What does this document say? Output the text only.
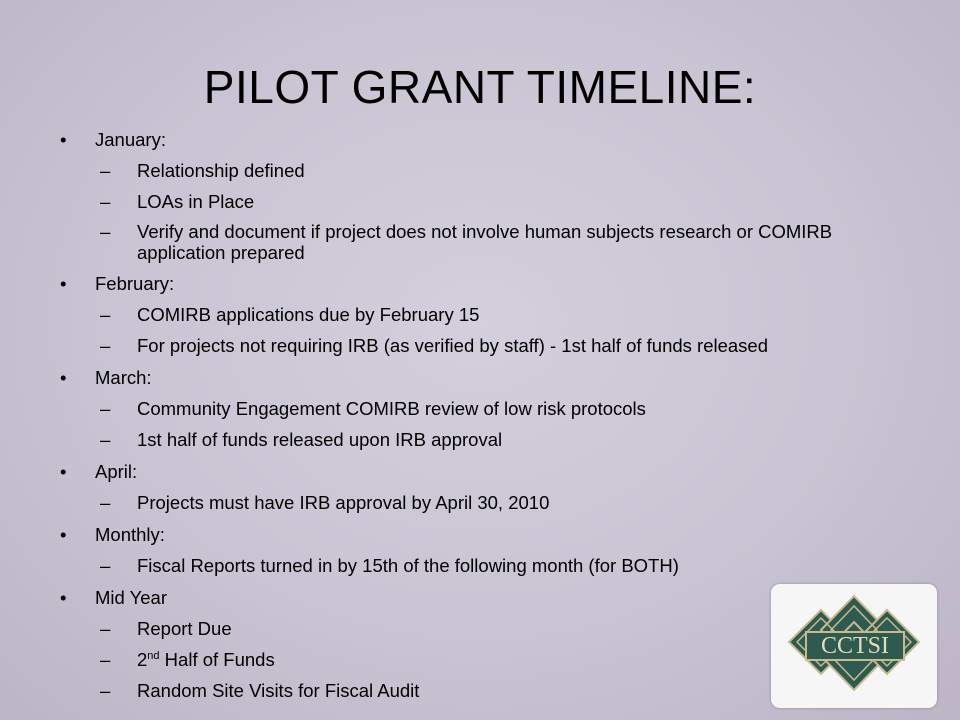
PILOT GRANT TIMELINE:
• January:
– Relationship defined
– LOAs in Place
– Verify and document if project does not involve human subjects research or COMIRB application prepared
• February:
– COMIRB applications due by February 15
– For projects not requiring IRB (as verified by staff) - 1st half of funds released
• March:
– Community Engagement COMIRB review of low risk protocols
– 1st half of funds released upon IRB approval
• April:
– Projects must have IRB approval by April 30, 2010
• Monthly:
– Fiscal Reports turned in by 15th of the following month (for BOTH)
• Mid Year
– Report Due
– 2nd Half of Funds
– Random Site Visits for Fiscal Audit
CCTSI
